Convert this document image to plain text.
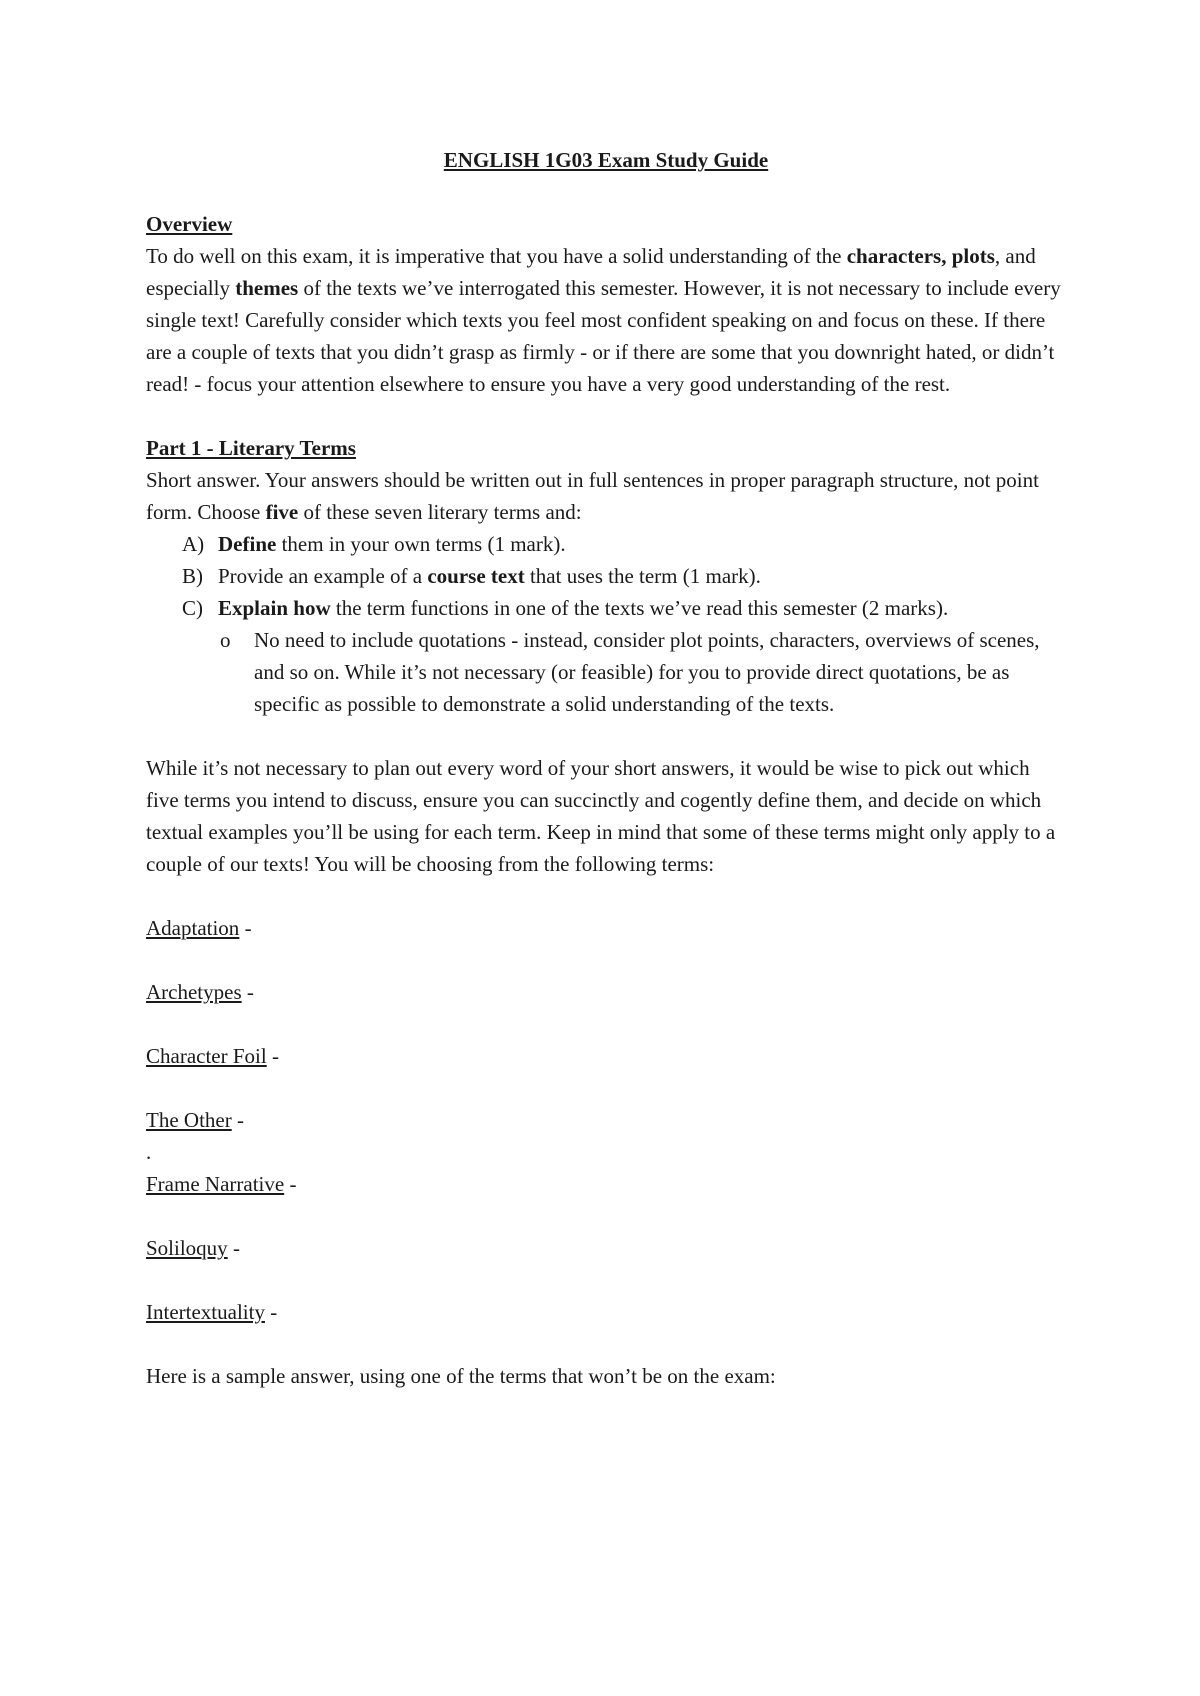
ENGLISH 1G03 Exam Study Guide

Overview

To do well on this exam, it is imperative that you have a solid understanding of the characters, plots, and especially themes of the texts we’ve interrogated this semester. However, it is not necessary to include every single text! Carefully consider which texts you feel most confident speaking on and focus on these. If there are a couple of texts that you didn’t grasp as firmly - or if there are some that you downright hated, or didn’t read! - focus your attention elsewhere to ensure you have a very good understanding of the rest.

Part 1 - Literary Terms

Short answer. Your answers should be written out in full sentences in proper paragraph structure, not point form. Choose five of these seven literary terms and:

A) Define them in your own terms (1 mark).
B) Provide an example of a course text that uses the term (1 mark).
C) Explain how the term functions in one of the texts we’ve read this semester (2 marks).
o No need to include quotations - instead, consider plot points, characters, overviews of scenes, and so on. While it’s not necessary (or feasible) for you to provide direct quotations, be as specific as possible to demonstrate a solid understanding of the texts.

While it’s not necessary to plan out every word of your short answers, it would be wise to pick out which five terms you intend to discuss, ensure you can succinctly and cogently define them, and decide on which textual examples you’ll be using for each term. Keep in mind that some of these terms might only apply to a couple of our texts! You will be choosing from the following terms:

Adaptation -

Archetypes -

Character Foil -

The Other -

.

Frame Narrative -

Soliloquy -

Intertextuality -

Here is a sample answer, using one of the terms that won’t be on the exam:
